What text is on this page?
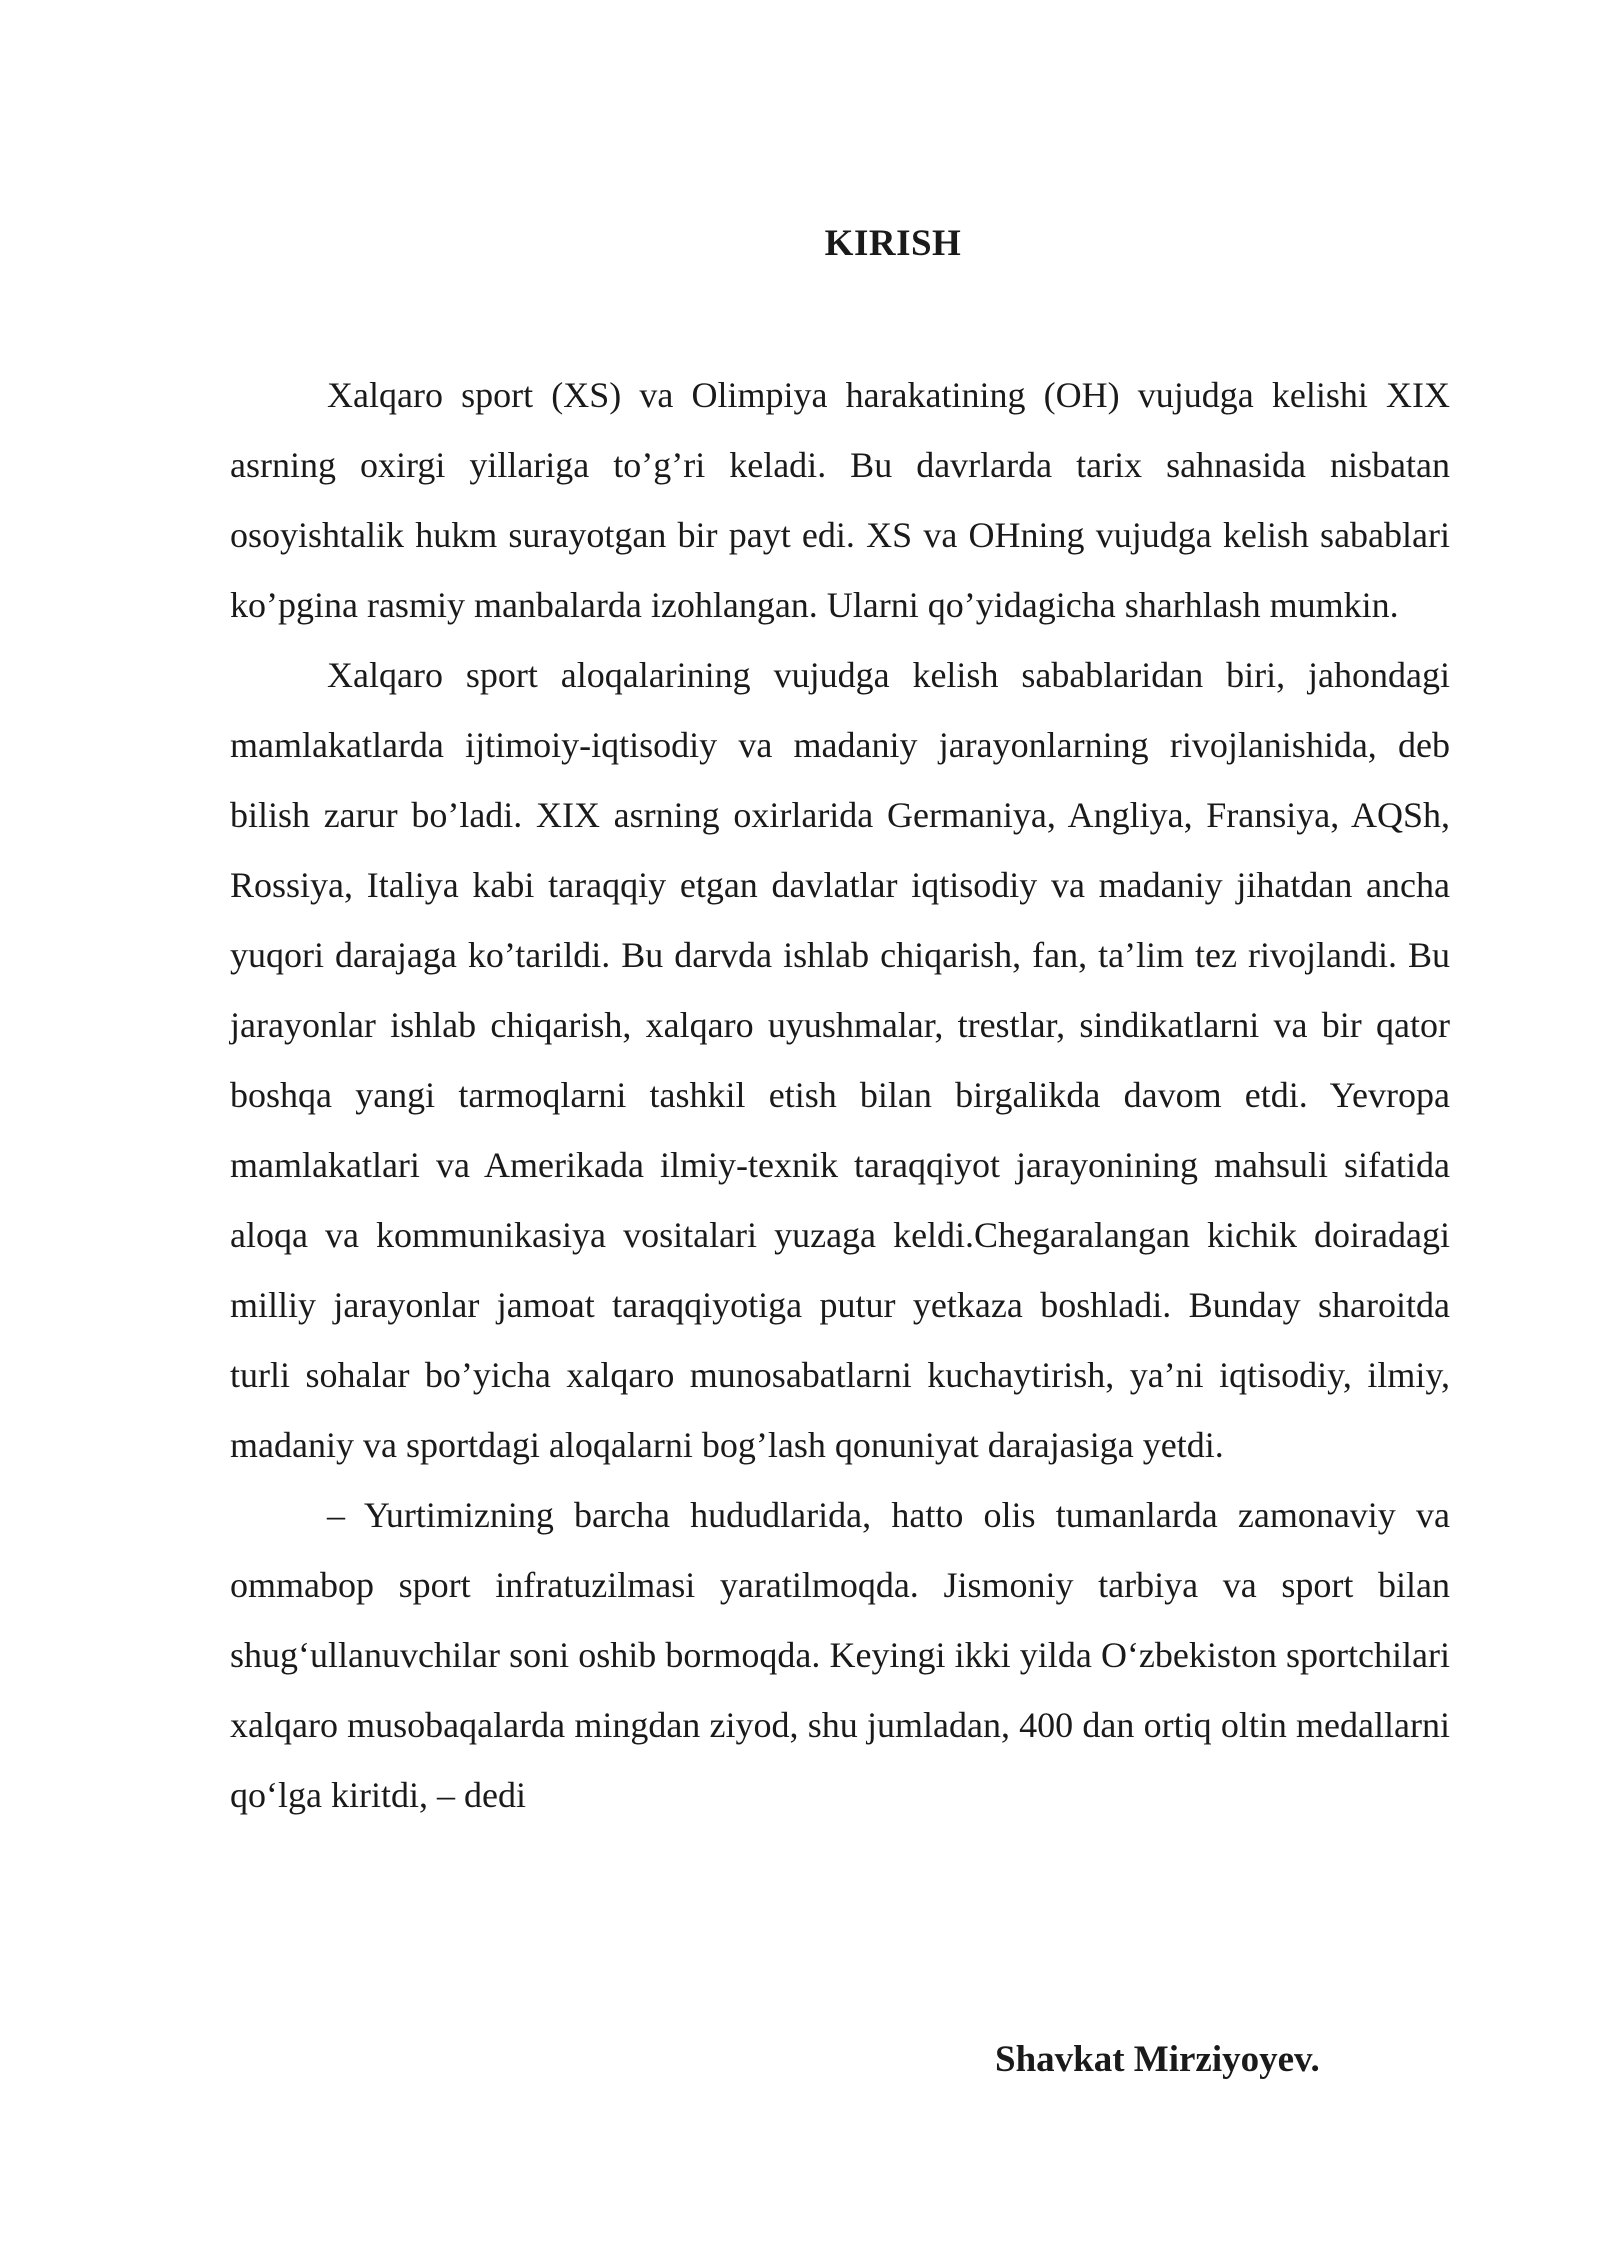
KIRISH

Xalqaro sport (XS) va Olimpiya harakatining (OH) vujudga kelishi XIX asrning oxirgi yillariga to’g’ri keladi. Bu davrlarda tarix sahnasida nisbatan osoyishtalik hukm surayotgan bir payt edi. XS va OHning vujudga kelish sabablari ko’pgina rasmiy manbalarda izohlangan. Ularni qo’yidagicha sharhlash mumkin.

Xalqaro sport aloqalarining vujudga kelish sabablaridan biri, jahondagi mamlakatlarda ijtimoiy-iqtisodiy va madaniy jarayonlarning rivojlanishida, deb bilish zarur bo’ladi. XIX asrning oxirlarida Germaniya, Angliya, Fransiya, AQSh, Rossiya, Italiya kabi taraqqiy etgan davlatlar iqtisodiy va madaniy jihatdan ancha yuqori darajaga ko’tarildi. Bu darvda ishlab chiqarish, fan, ta’lim tez rivojlandi. Bu jarayonlar ishlab chiqarish, xalqaro uyushmalar, trestlar, sindikatlarni va bir qator boshqa yangi tarmoqlarni tashkil etish bilan birgalikda davom etdi. Yevropa mamlakatlari va Amerikada ilmiy-texnik taraqqiyot jarayonining mahsuli sifatida aloqa va kommunikasiya vositalari yuzaga keldi.Chegaralangan kichik doiradagi milliy jarayonlar jamoat taraqqiyotiga putur yetkaza boshladi. Bunday sharoitda turli sohalar bo’yicha xalqaro munosabatlarni kuchaytirish, ya’ni iqtisodiy, ilmiy, madaniy va sportdagi aloqalarni bog’lash qonuniyat darajasiga yetdi.

– Yurtimizning barcha hududlarida, hatto olis tumanlarda zamonaviy va ommabop sport infratuzilmasi yaratilmoqda. Jismoniy tarbiya va sport bilan shug‘ullanuvchilar soni oshib bormoqda. Keyingi ikki yilda O‘zbekiston sportchilari xalqaro musobaqalarda mingdan ziyod, shu jumladan, 400 dan ortiq oltin medallarni qo‘lga kiritdi, – dedi

Shavkat Mirziyoyev.
